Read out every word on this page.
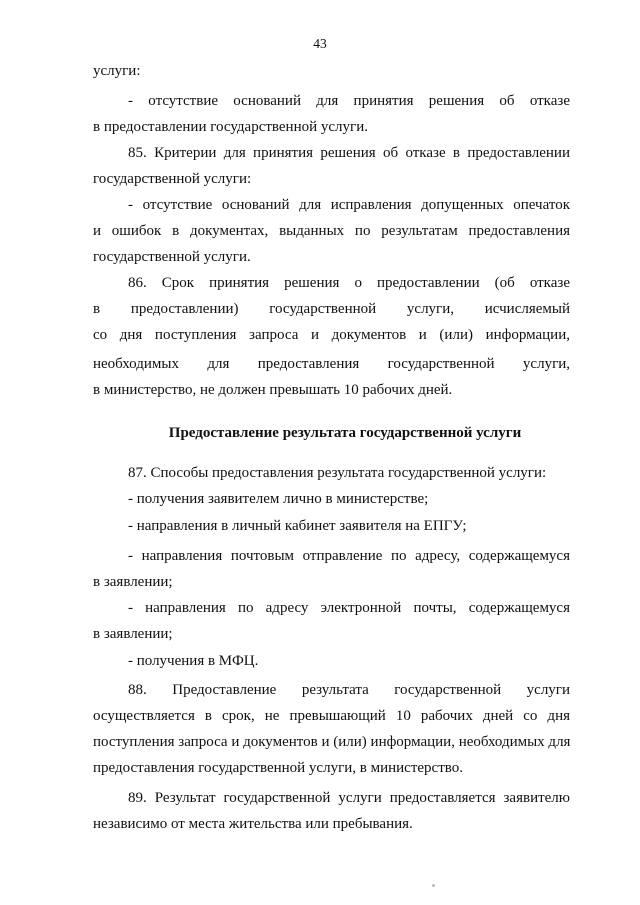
43
услуги:
- отсутствие оснований для принятия решения об отказе
в предоставлении государственной услуги.
85. Критерии для принятия решения об отказе в предоставлении
государственной услуги:
- отсутствие оснований для исправления допущенных опечаток
и ошибок в документах, выданных по результатам предоставления
государственной услуги.
86. Срок принятия решения о предоставлении (об отказе
в предоставлении) государственной услуги, исчисляемый
со дня поступления запроса и документов и (или) информации,
необходимых для предоставления государственной услуги,
в министерство, не должен превышать 10 рабочих дней.
Предоставление результата государственной услуги
87. Способы предоставления результата государственной услуги:
- получения заявителем лично в министерстве;
- направления в личный кабинет заявителя на ЕПГУ;
- направления почтовым отправление по адресу, содержащемуся
в заявлении;
- направления по адресу электронной почты, содержащемуся
в заявлении;
- получения в МФЦ.
88. Предоставление результата государственной услуги
осуществляется в срок, не превышающий 10 рабочих дней со дня
поступления запроса и документов и (или) информации, необходимых для
предоставления государственной услуги, в министерство.
89. Результат государственной услуги предоставляется заявителю
независимо от места жительства или пребывания.
